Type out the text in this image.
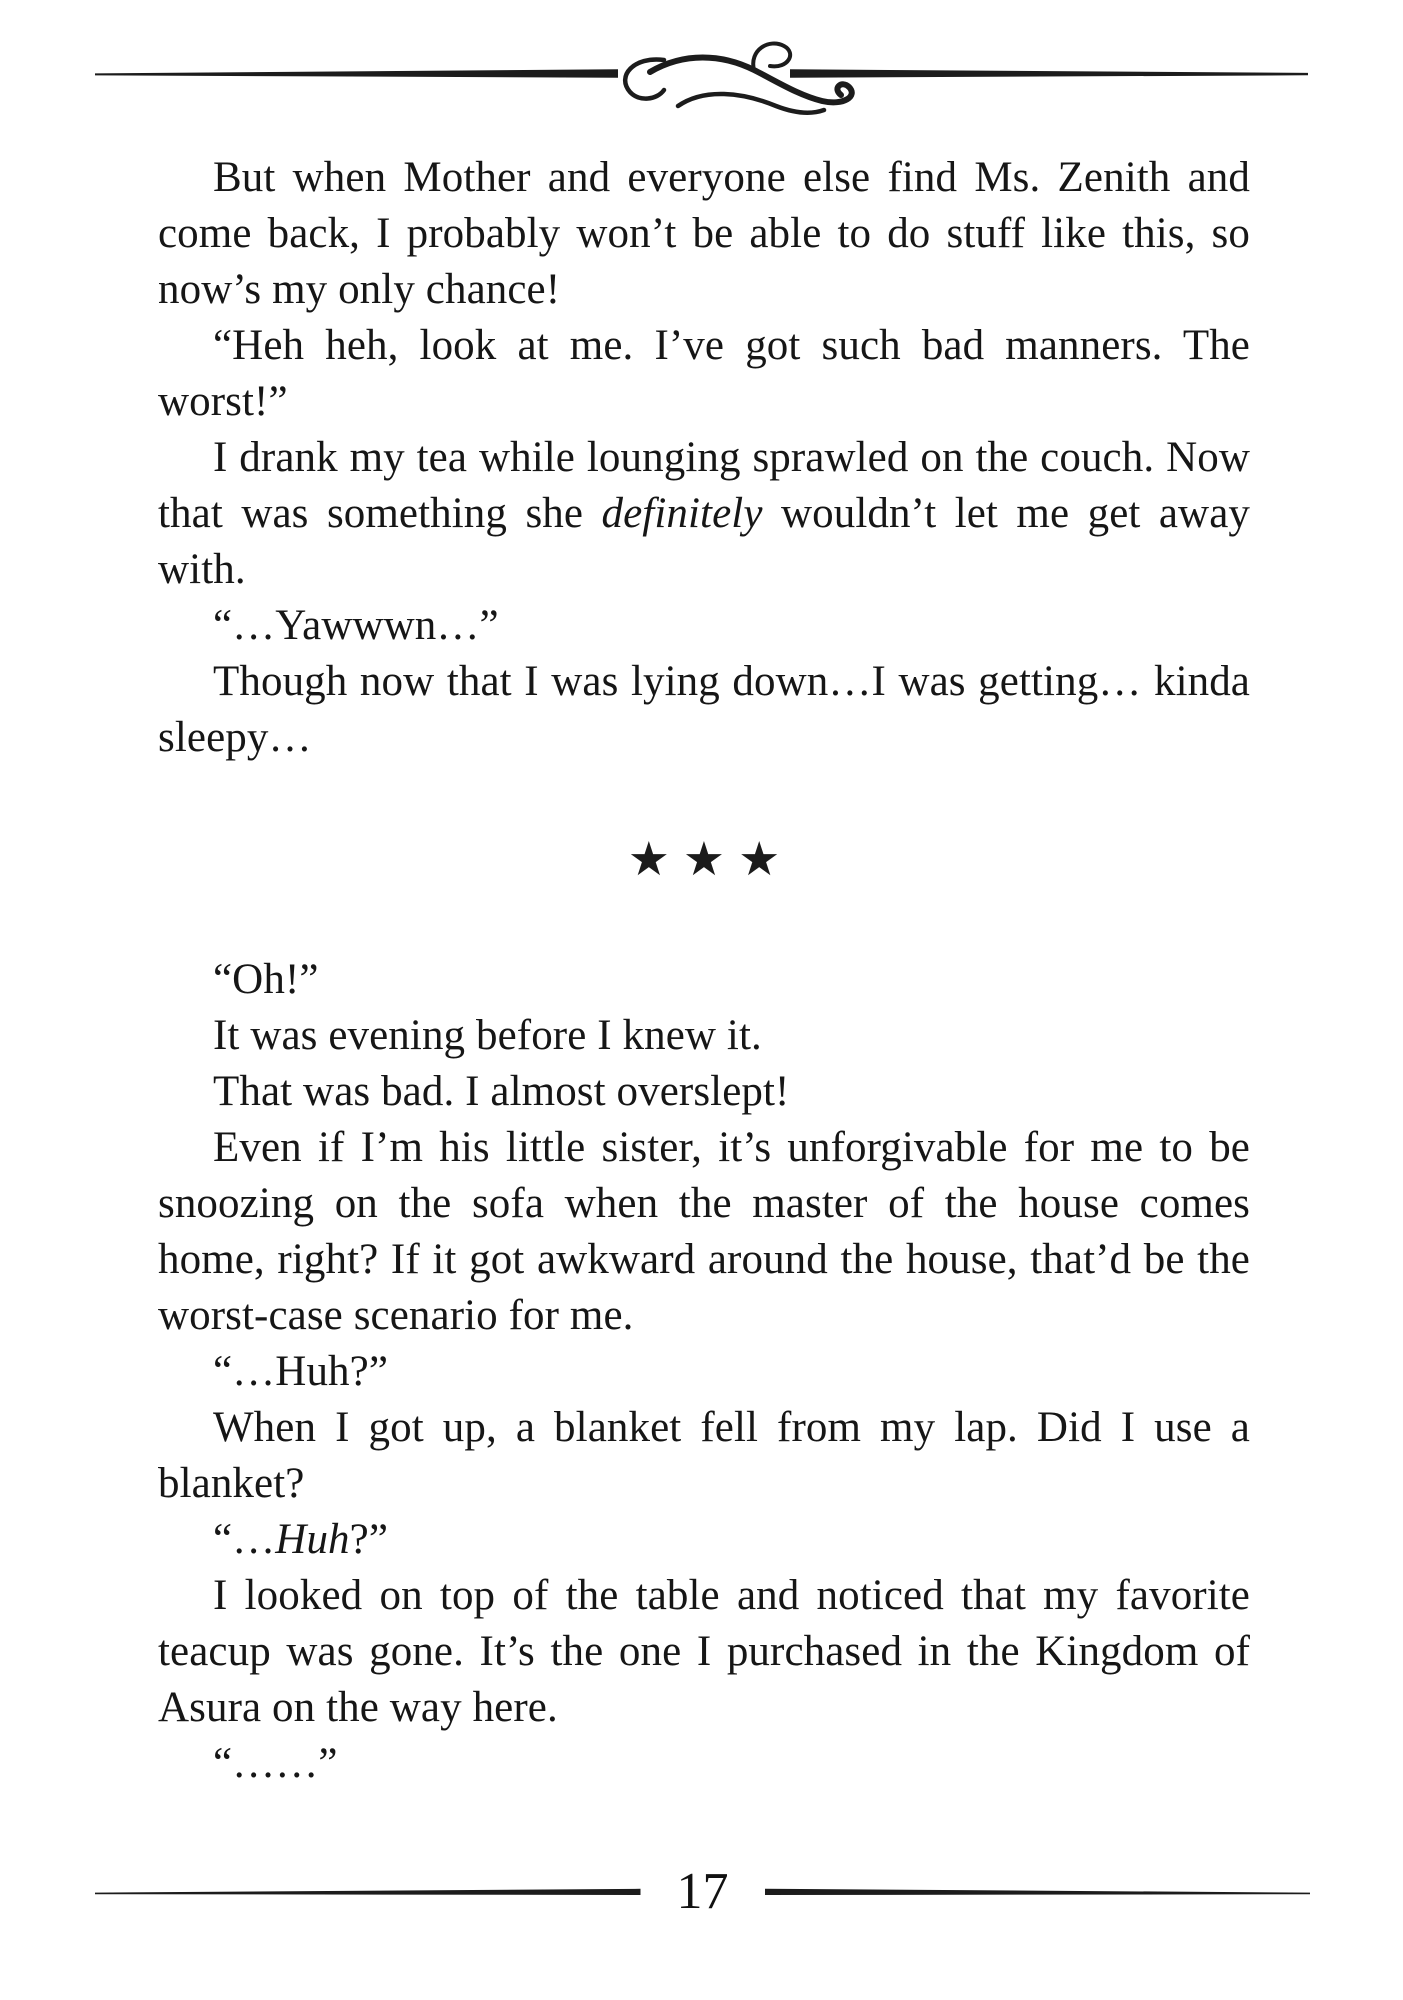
But when Mother and everyone else find Ms. Zenith and come back, I probably won’t be able to do stuff like this, so now’s my only chance!

“Heh heh, look at me. I’ve got such bad manners. The worst!”

I drank my tea while lounging sprawled on the couch. Now that was something she definitely wouldn’t let me get away with.

“…Yawwwn…”

Though now that I was lying down…I was getting… kinda sleepy…

★★★

“Oh!”

It was evening before I knew it.

That was bad. I almost overslept!

Even if I’m his little sister, it’s unforgivable for me to be snoozing on the sofa when the master of the house comes home, right? If it got awkward around the house, that’d be the worst-case scenario for me.

“…Huh?”

When I got up, a blanket fell from my lap. Did I use a blanket?

“…Huh?”

I looked on top of the table and noticed that my favorite teacup was gone. It’s the one I purchased in the Kingdom of Asura on the way here.

“……”

17
